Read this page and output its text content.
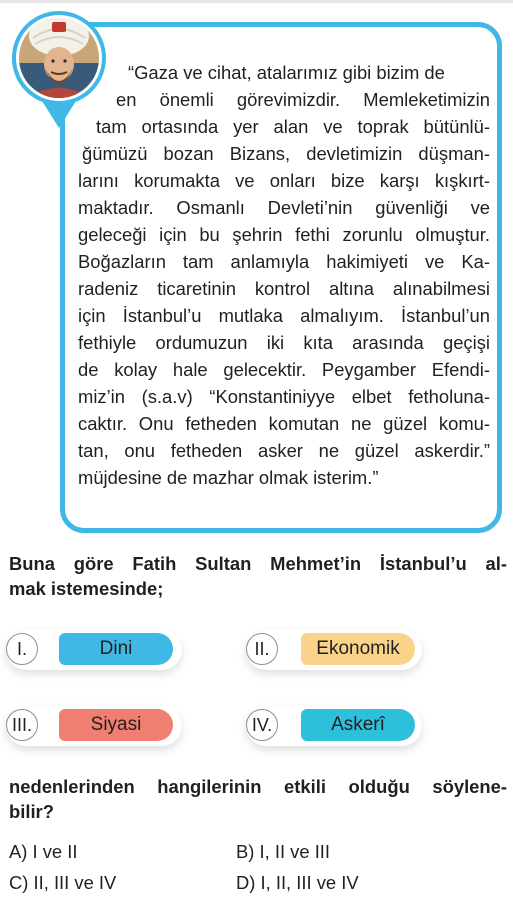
“Gaza ve cihat, atalarımız gibi bizim de
en önemli görevimizdir. Memleketimizin
tam ortasında yer alan ve toprak bütünlü-
ğümüzü bozan Bizans, devletimizin düşman-
larını korumakta ve onları bize karşı kışkırt-
maktadır. Osmanlı Devleti’nin güvenliği ve
geleceği için bu şehrin fethi zorunlu olmuştur.
Boğazların tam anlamıyla hakimiyeti ve Ka-
radeniz ticaretinin kontrol altına alınabilmesi
için İstanbul’u mutlaka almalıyım. İstanbul’un
fethiyle ordumuzun iki kıta arasında geçişi
de kolay hale gelecektir. Peygamber Efendi-
miz’in (s.a.v) “Konstantiniyye elbet fetholuna-
caktır. Onu fetheden komutan ne güzel komu-
tan, onu fetheden asker ne güzel askerdir.”
müjdesine de mazhar olmak isterim.”
Buna göre Fatih Sultan Mehmet’in İstanbul’u al-
mak istemesinde;
I.	Dini	II.	Ekonomik
III.	Siyasi	IV.	Askerî
nedenlerinden hangilerinin etkili olduğu söylene-
bilir?
A) I ve II	B) I, II ve III
C) II, III ve IV	D) I, II, III ve IV
